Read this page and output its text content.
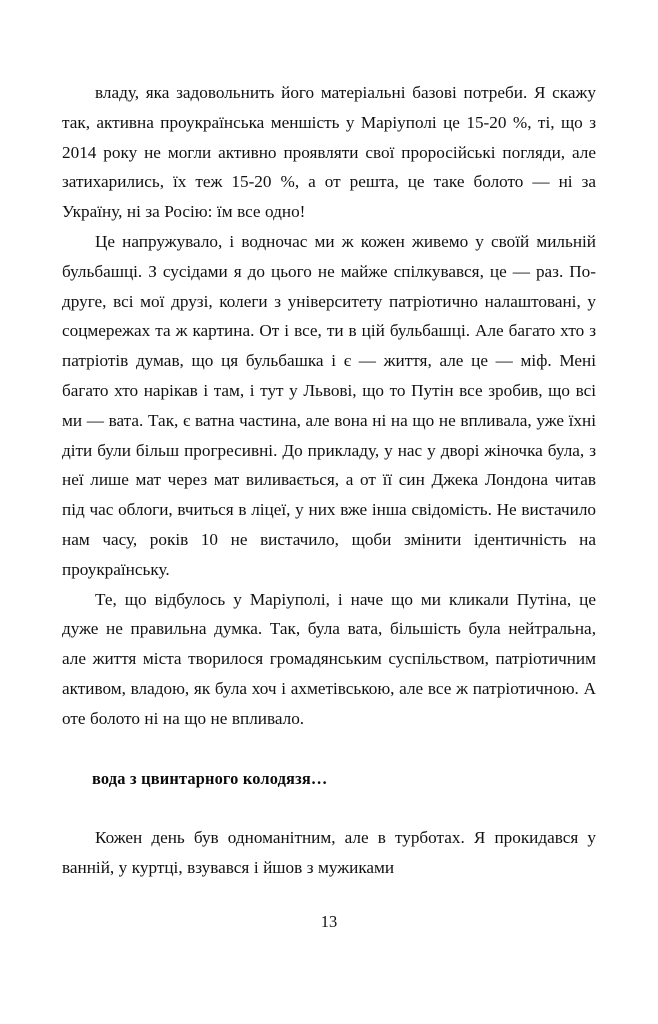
владу, яка задовольнить його матеріальні базові потреби. Я скажу так, активна проукраїнська меншість у Маріуполі це 15-20 %, ті, що з 2014 року не могли активно проявляти свої проросійські погляди, але затихарились, їх теж 15-20 %, а от решта, це таке болото — ні за Україну, ні за Росію: їм все одно!

Це напружувало, і водночас ми ж кожен живемо у своїй мильній бульбашці. З сусідами я до цього не майже спілкувався, це — раз. По-друге, всі мої друзі, колеги з університету патріотично налаштовані, у соцмережах та ж картина. От і все, ти в цій бульбашці. Але багато хто з патріотів думав, що ця бульбашка і є — життя, але це — міф. Мені багато хто нарікав і там, і тут у Львові, що то Путін все зробив, що всі ми — вата. Так, є ватна частина, але вона ні на що не впливала, уже їхні діти були більш прогресивні. До прикладу, у нас у дворі жіночка була, з неї лише мат через мат виливається, а от її син Джека Лондона читав під час облоги, вчиться в ліцеї, у них вже інша свідомість. Не вистачило нам часу, років 10 не вистачило, щоби змінити ідентичність на проукраїнську.

Те, що відбулось у Маріуполі, і наче що ми кликали Путіна, це дуже не правильна думка. Так, була вата, більшість була нейтральна, але життя міста творилося громадянським суспільством, патріотичним активом, владою, як була хоч і ахметівською, але все ж патріотичною. А оте болото ні на що не впливало.

вода з цвинтарного колодязя…

Кожен день був одноманітним, але в турботах. Я прокидався у ванній, у куртці, взувався і йшов з мужиками

13
